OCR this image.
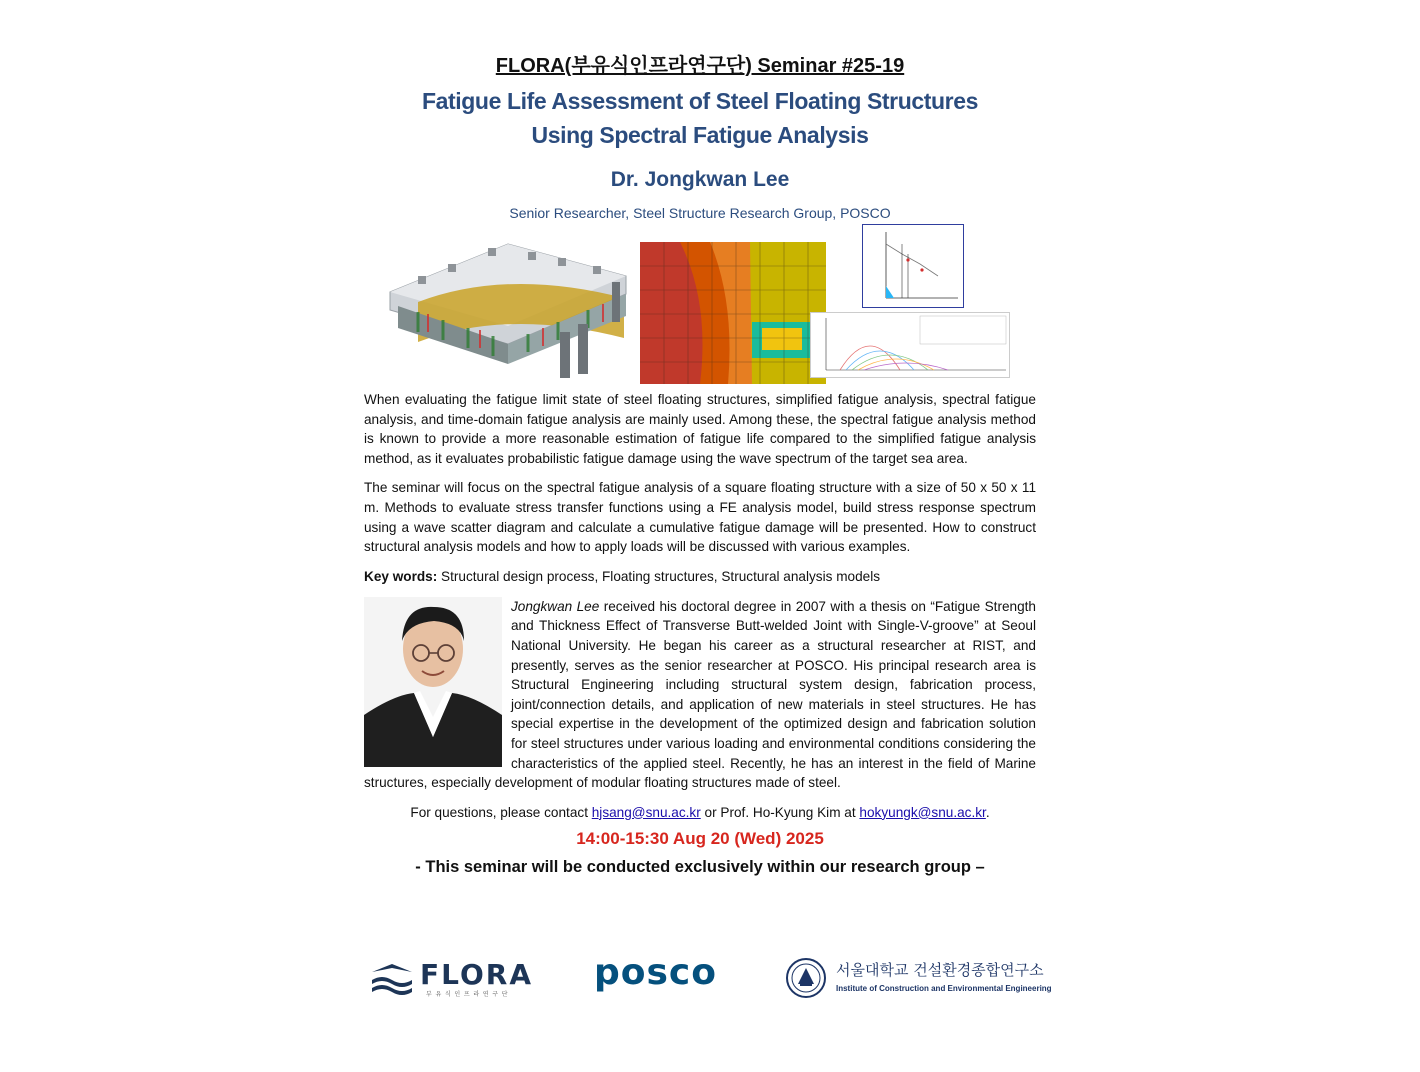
FLORA(부유식인프라연구단) Seminar #25-19
Fatigue Life Assessment of Steel Floating Structures
Using Spectral Fatigue Analysis
Dr. Jongkwan Lee
Senior Researcher, Steel Structure Research Group, POSCO

When evaluating the fatigue limit state of steel floating structures, simplified fatigue analysis, spectral fatigue analysis, and time-domain fatigue analysis are mainly used. Among these, the spectral fatigue analysis method is known to provide a more reasonable estimation of fatigue life compared to the simplified fatigue analysis method, as it evaluates probabilistic fatigue damage using the wave spectrum of the target sea area.

The seminar will focus on the spectral fatigue analysis of a square floating structure with a size of 50 x 50 x 11 m. Methods to evaluate stress transfer functions using a FE analysis model, build stress response spectrum using a wave scatter diagram and calculate a cumulative fatigue damage will be presented. How to construct structural analysis models and how to apply loads will be discussed with various examples.

Key words: Structural design process, Floating structures, Structural analysis models
Jongkwan Lee received his doctoral degree in 2007 with a thesis on “Fatigue Strength and Thickness Effect of Transverse Butt-welded Joint with Single-V-groove” at Seoul National University. He began his career as a structural researcher at RIST, and presently, serves as the senior researcher at POSCO. His principal research area is Structural Engineering including structural system design, fabrication process, joint/connection details, and application of new materials in steel structures. He has special expertise in the development of the optimized design and fabrication solution for steel structures under various loading and environmental conditions considering the characteristics of the applied steel. Recently, he has an interest in the field of Marine structures, especially development of modular floating structures made of steel.
For questions, please contact hjsang@snu.ac.kr or Prof. Ho-Kyung Kim at hokyungk@snu.ac.kr.
14:00-15:30 Aug 20 (Wed) 2025
- This seminar will be conducted exclusively within our research group –
FLORA
부 유 식 인 프 라 연 구 단
posco	서울대학교 건설환경종합연구소
Institute of Construction and Environmental Engineering
